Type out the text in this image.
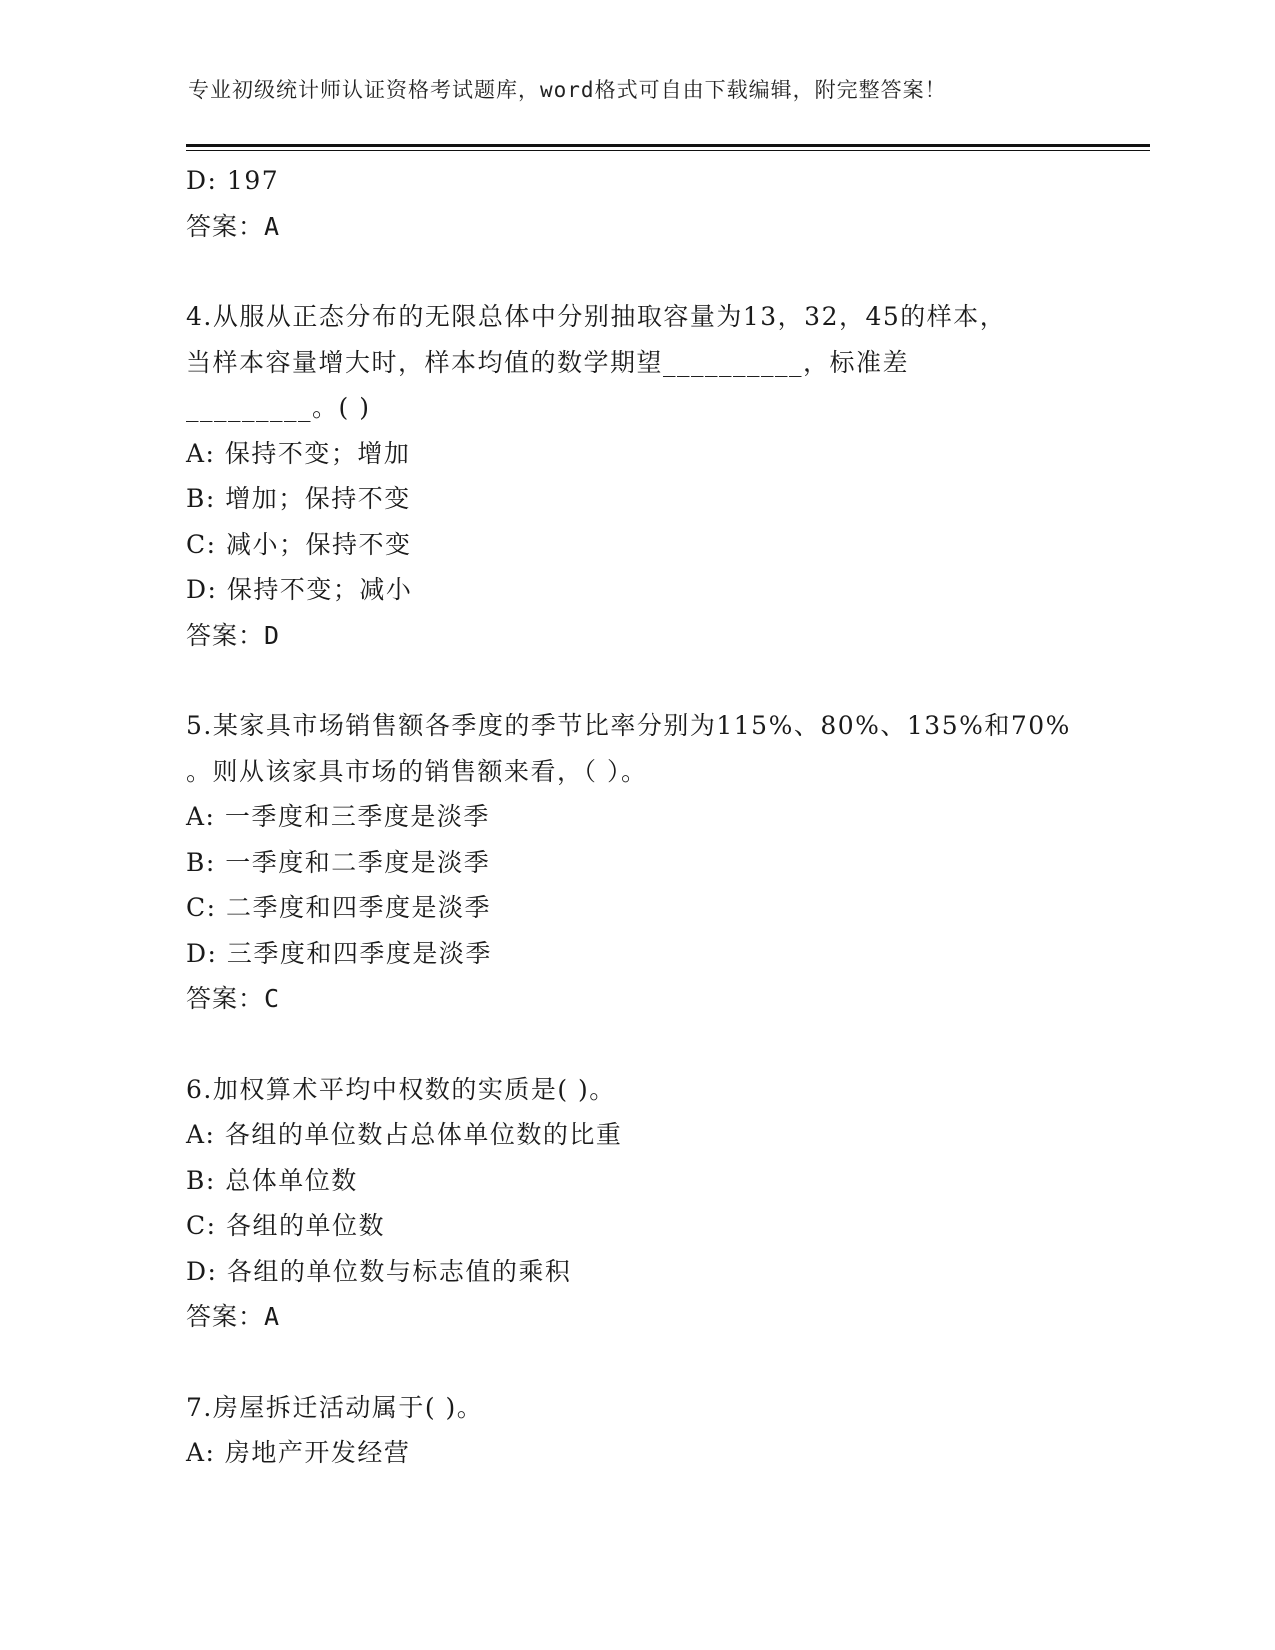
专业初级统计师认证资格考试题库，word格式可自由下载编辑，附完整答案！
D: 197
答案：A
4.从服从正态分布的无限总体中分别抽取容量为13，32，45的样本，
当样本容量增大时，样本均值的数学期望__________，标准差
_________。( )
A: 保持不变；增加
B: 增加；保持不变
C: 减小；保持不变
D: 保持不变；减小
答案：D
5.某家具市场销售额各季度的季节比率分别为115%、80%、135%和70%
。则从该家具市场的销售额来看，（ ）。
A: 一季度和三季度是淡季
B: 一季度和二季度是淡季
C: 二季度和四季度是淡季
D: 三季度和四季度是淡季
答案：C
6.加权算术平均中权数的实质是( )。
A: 各组的单位数占总体单位数的比重
B: 总体单位数
C: 各组的单位数
D: 各组的单位数与标志值的乘积
答案：A
7.房屋拆迁活动属于( )。
A: 房地产开发经营
